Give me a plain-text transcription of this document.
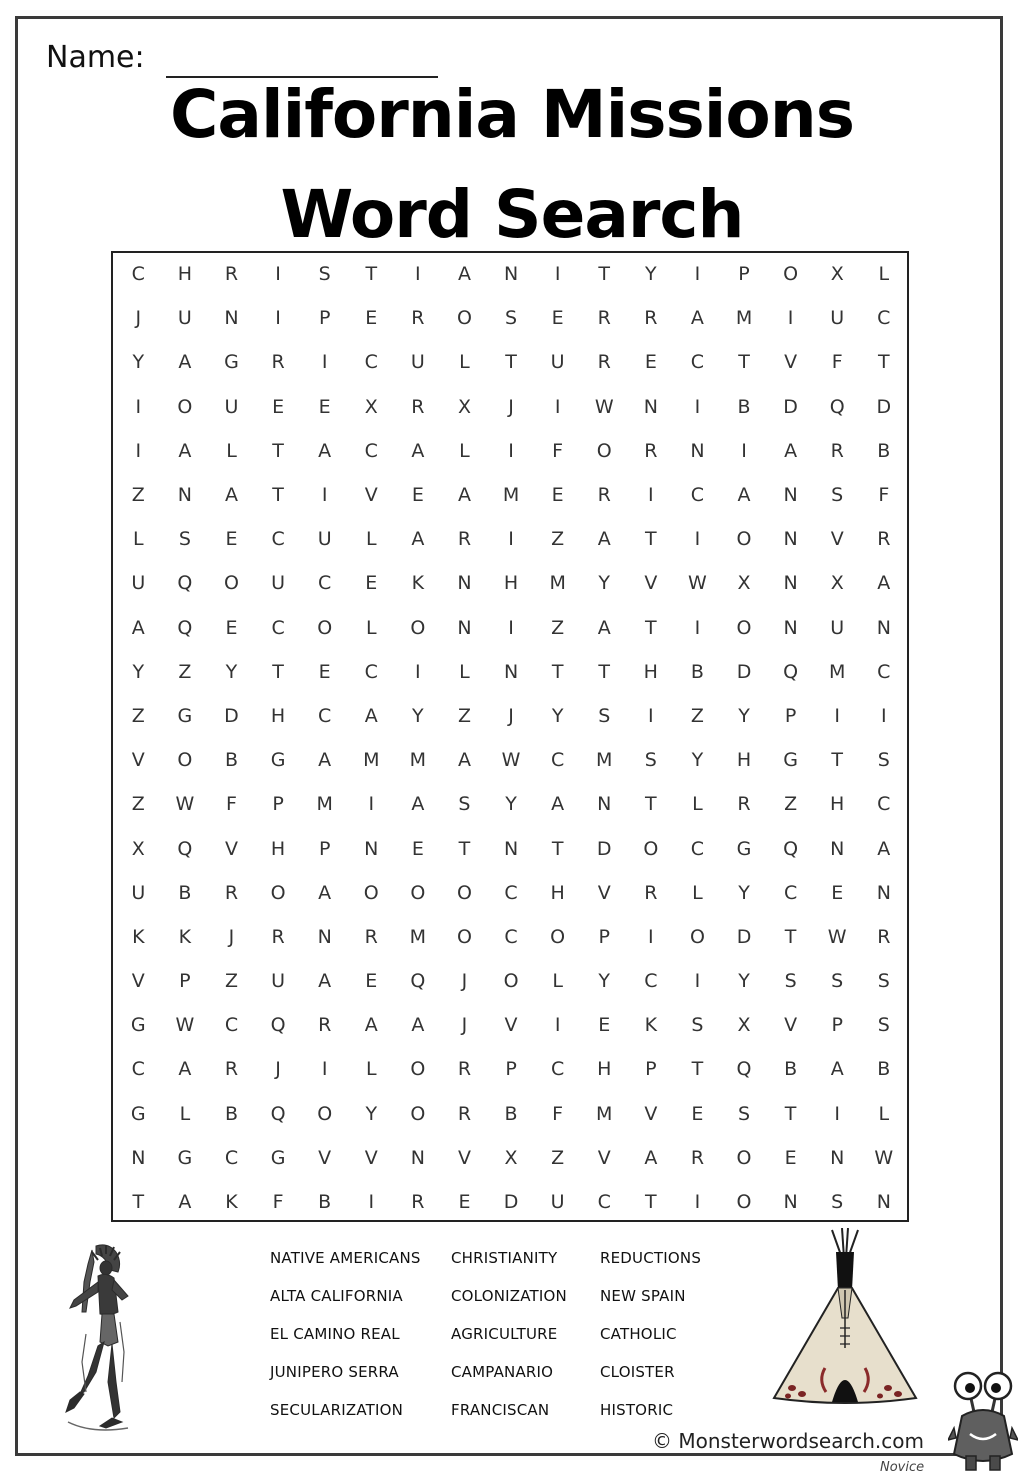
Name:
California Missions
Word Search
C	H	R	I	S	T	I	A	N	I	T	Y	I	P	O	X	L
J	U	N	I	P	E	R	O	S	E	R	R	A	M	I	U	C
Y	A	G	R	I	C	U	L	T	U	R	E	C	T	V	F	T
I	O	U	E	E	X	R	X	J	I	W	N	I	B	D	Q	D
I	A	L	T	A	C	A	L	I	F	O	R	N	I	A	R	B
Z	N	A	T	I	V	E	A	M	E	R	I	C	A	N	S	F
L	S	E	C	U	L	A	R	I	Z	A	T	I	O	N	V	R
U	Q	O	U	C	E	K	N	H	M	Y	V	W	X	N	X	A
A	Q	E	C	O	L	O	N	I	Z	A	T	I	O	N	U	N
Y	Z	Y	T	E	C	I	L	N	T	T	H	B	D	Q	M	C
Z	G	D	H	C	A	Y	Z	J	Y	S	I	Z	Y	P	I	I
V	O	B	G	A	M	M	A	W	C	M	S	Y	H	G	T	S
Z	W	F	P	M	I	A	S	Y	A	N	T	L	R	Z	H	C
X	Q	V	H	P	N	E	T	N	T	D	O	C	G	Q	N	A
U	B	R	O	A	O	O	O	C	H	V	R	L	Y	C	E	N
K	K	J	R	N	R	M	O	C	O	P	I	O	D	T	W	R
V	P	Z	U	A	E	Q	J	O	L	Y	C	I	Y	S	S	S
G	W	C	Q	R	A	A	J	V	I	E	K	S	X	V	P	S
C	A	R	J	I	L	O	R	P	C	H	P	T	Q	B	A	B
G	L	B	Q	O	Y	O	R	B	F	M	V	E	S	T	I	L
N	G	C	G	V	V	N	V	X	Z	V	A	R	O	E	N	W
T	A	K	F	B	I	R	E	D	U	C	T	I	O	N	S	N
NATIVE AMERICANS
ALTA CALIFORNIA
EL CAMINO REAL
JUNIPERO SERRA
SECULARIZATION
CHRISTIANITY
COLONIZATION
AGRICULTURE
CAMPANARIO
FRANCISCAN
REDUCTIONS
NEW SPAIN
CATHOLIC
CLOISTER
HISTORIC
© Monsterwordsearch.com
Novice
